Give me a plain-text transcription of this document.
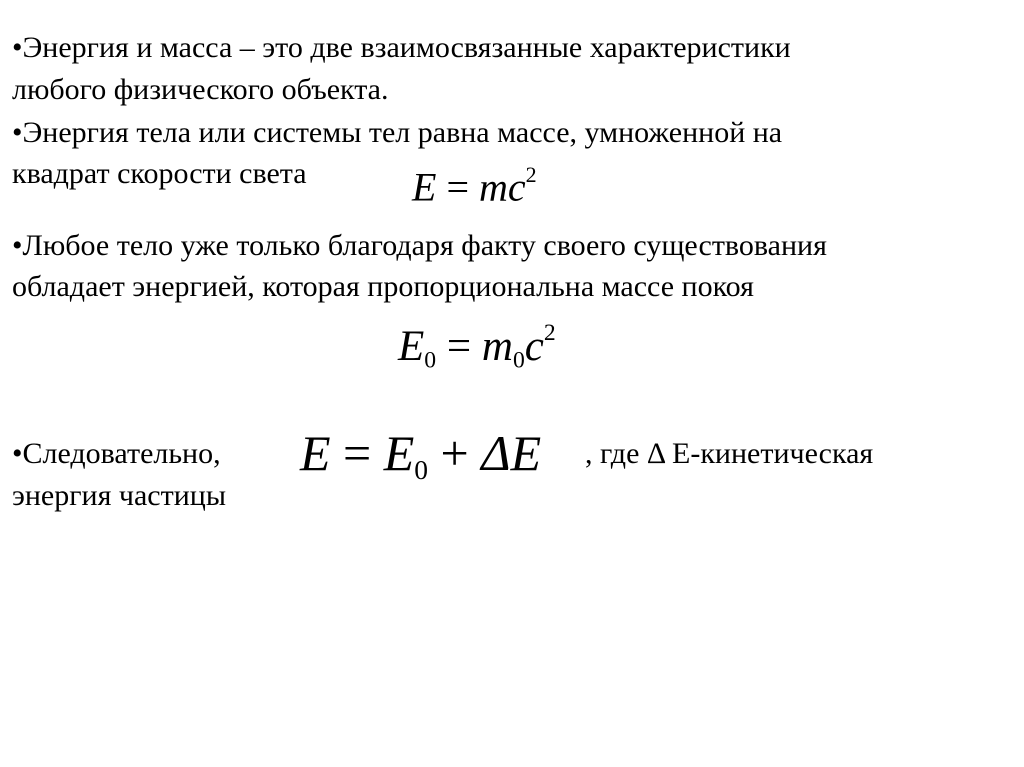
•Энергия и масса – это две взаимосвязанные характеристики
любого физического объекта.
•Энергия тела или системы тел равна массе, умноженной на
квадрат скорости света	$E = mc^2$
•Любое тело уже только благодаря факту своего существования
обладает энергией, которая пропорциональна массе покоя
$E_0 = m_0c^2$
•Следовательно, $E = E_0 + \Delta E$ , где Δ E-кинетическая
энергия частицы
